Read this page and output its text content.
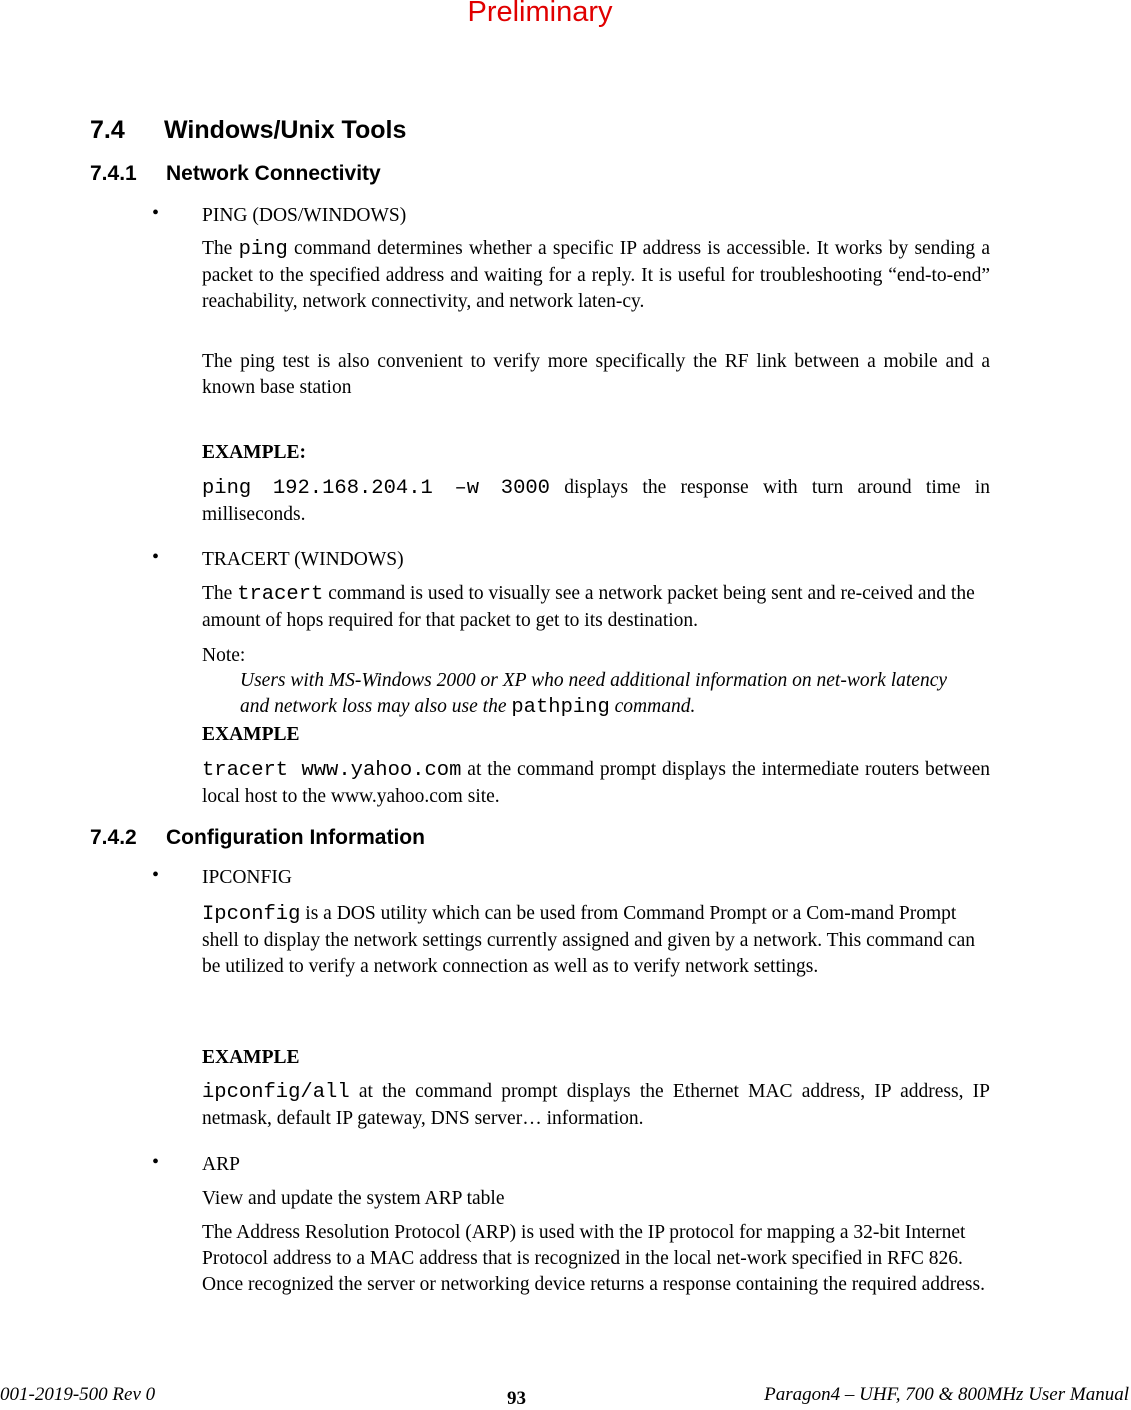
Preliminary
7.4 Windows/Unix Tools
7.4.1 Network Connectivity
• PING (DOS/WINDOWS)
The ping command determines whether a specific IP address is accessible. It works by sending a packet to the specified address and waiting for a reply. It is useful for troubleshooting “end-to-end” reachability, network connectivity, and network laten-cy.
The ping test is also convenient to verify more specifically the RF link between a mobile and a known base station
EXAMPLE:
ping 192.168.204.1 –w 3000 displays the response with turn around time in milliseconds.
• TRACERT (WINDOWS)
The tracert command is used to visually see a network packet being sent and re-ceived and the amount of hops required for that packet to get to its destination.
Note:
Users with MS-Windows 2000 or XP who need additional information on net-work latency and network loss may also use the pathping command.
EXAMPLE
tracert www.yahoo.com at the command prompt displays the intermediate routers between local host to the www.yahoo.com site.
7.4.2 Configuration Information
• IPCONFIG
Ipconfig is a DOS utility which can be used from Command Prompt or a Com-mand Prompt shell to display the network settings currently assigned and given by a network. This command can be utilized to verify a network connection as well as to verify network settings.
EXAMPLE
ipconfig/all at the command prompt displays the Ethernet MAC address, IP address, IP netmask, default IP gateway, DNS server… information.
• ARP
View and update the system ARP table
The Address Resolution Protocol (ARP) is used with the IP protocol for mapping a 32-bit Internet Protocol address to a MAC address that is recognized in the local net-work specified in RFC 826. Once recognized the server or networking device returns a response containing the required address.
001-2019-500 Rev 0	93	Paragon4 – UHF, 700 & 800MHz User Manual
